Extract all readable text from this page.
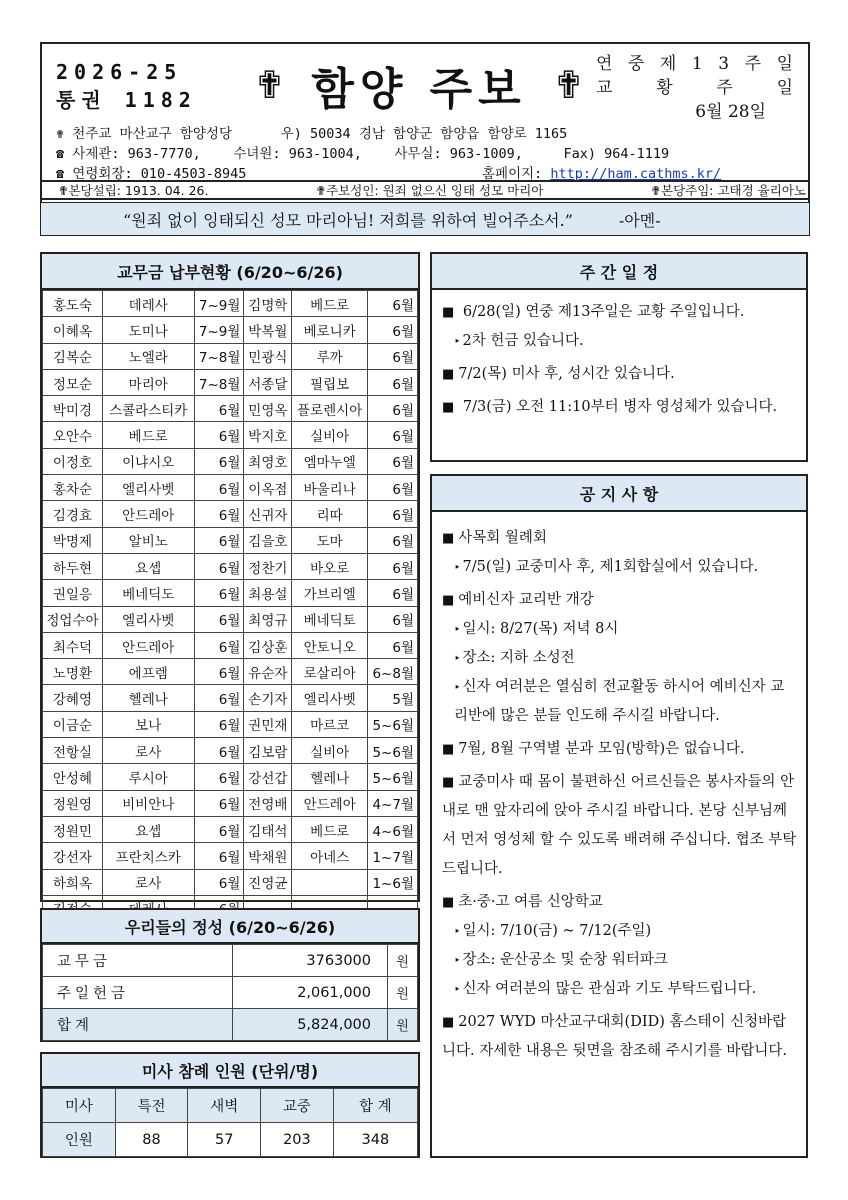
2026-25
통권 1182 ✟ 함양 주보 ✟ 연 중 제 1 3 주 일
교 황 주 일
6월 28일
✟ 천주교 마산교구 함양성당      우) 50034 경남 함양군 함양읍 함양로 1165
☎ 사제관: 963-7770,    수녀원: 963-1004,    사무실: 963-1009,     Fax) 964-1119
☎ 연령회장: 010-4503-8945	홈페이지: http://ham.cathms.kr/
✟본당설립: 1913. 04. 26.	✟주보성인: 원죄 없으신 잉태 성모 마리아	✟본당주임: 고태경 율리아노
“원죄 없이 잉태되신 성모 마리아님! 저희를 위하여 빌어주소서.”	-아멘-
교무금 납부현황 (6/20~6/26)
홍도숙	데레사	7~9월	김명학	베드로	6월
이혜옥	도미나	7~9월	박복월	베로니카	6월
김복순	노엘라	7~8월	민광식	루까	6월
정모순	마리아	7~8월	서종달	필립보	6월
박미경	스콜라스티카	6월	민영옥	플로렌시아	6월
오안수	베드로	6월	박지호	실비아	6월
이정호	이냐시오	6월	최영호	엠마누엘	6월
홍차순	엘리사벳	6월	이옥점	바울리나	6월
김경효	안드레아	6월	신귀자	리따	6월
박명제	알비노	6월	김을호	도마	6월
하두현	요셉	6월	정찬기	바오로	6월
권일응	베네딕도	6월	최용설	가브리엘	6월
정업수아	엘리사벳	6월	최영규	베네딕토	6월
최수덕	안드레아	6월	김상훈	안토니오	6월
노명환	에프렘	6월	유순자	로살리아	6~8월
강혜영	헬레나	6월	손기자	엘리사벳	5월
이금순	보나	6월	권민재	마르코	5~6월
전항실	로사	6월	김보람	실비아	5~6월
안성혜	루시아	6월	강선갑	헬레나	5~6월
정원영	비비안나	6월	전영배	안드레아	4~7월
정원민	요셉	6월	김태석	베드로	4~6월
강선자	프란치스카	6월	박채원	아네스	1~7월
하희옥	로사	6월	진영균		1~6월

우리들의 정성 (6/20~6/26)
교무금	3763000	원
주일헌금	2,061,000	원
합계	5,824,000	원
미사 참례 인원 (단위/명)
미사	특전	새벽	교중	합 계
인원	88	57	203	348
주 간 일 정
■ 6/28(일) 연중 제13주일은 교황 주일입니다.
‣ 2차 헌금 있습니다.
■ 7/2(목) 미사 후, 성시간 있습니다.
■ 7/3(금) 오전 11:10부터 병자 영성체가 있습니다.
공 지 사 항
■ 사목회 월례회
‣ 7/5(일) 교중미사 후, 제1회합실에서 있습니다.
■ 예비신자 교리반 개강
‣ 일시: 8/27(목) 저녁 8시
‣ 장소: 지하 소성전
‣ 신자 여러분은 열심히 전교활동 하시어 예비신자 교리반에 많은 분들 인도해 주시길 바랍니다.
■ 7월, 8월 구역별 분과 모임(방학)은 없습니다.
■ 교중미사 때 몸이 불편하신 어르신들은 봉사자들의 안내로 맨 앞자리에 앉아 주시길 바랍니다. 본당 신부님께서 먼저 영성체 할 수 있도록 배려해 주십니다. 협조 부탁드립니다.
■ 초·중·고 여름 신앙학교
‣ 일시: 7/10(금) ~ 7/12(주일)
‣ 장소: 운산공소 및 순창 워터파크
‣ 신자 여러분의 많은 관심과 기도 부탁드립니다.
■ 2027 WYD 마산교구대회(DID) 홈스테이 신청바랍니다. 자세한 내용은 뒷면을 참조해 주시기를 바랍니다.
